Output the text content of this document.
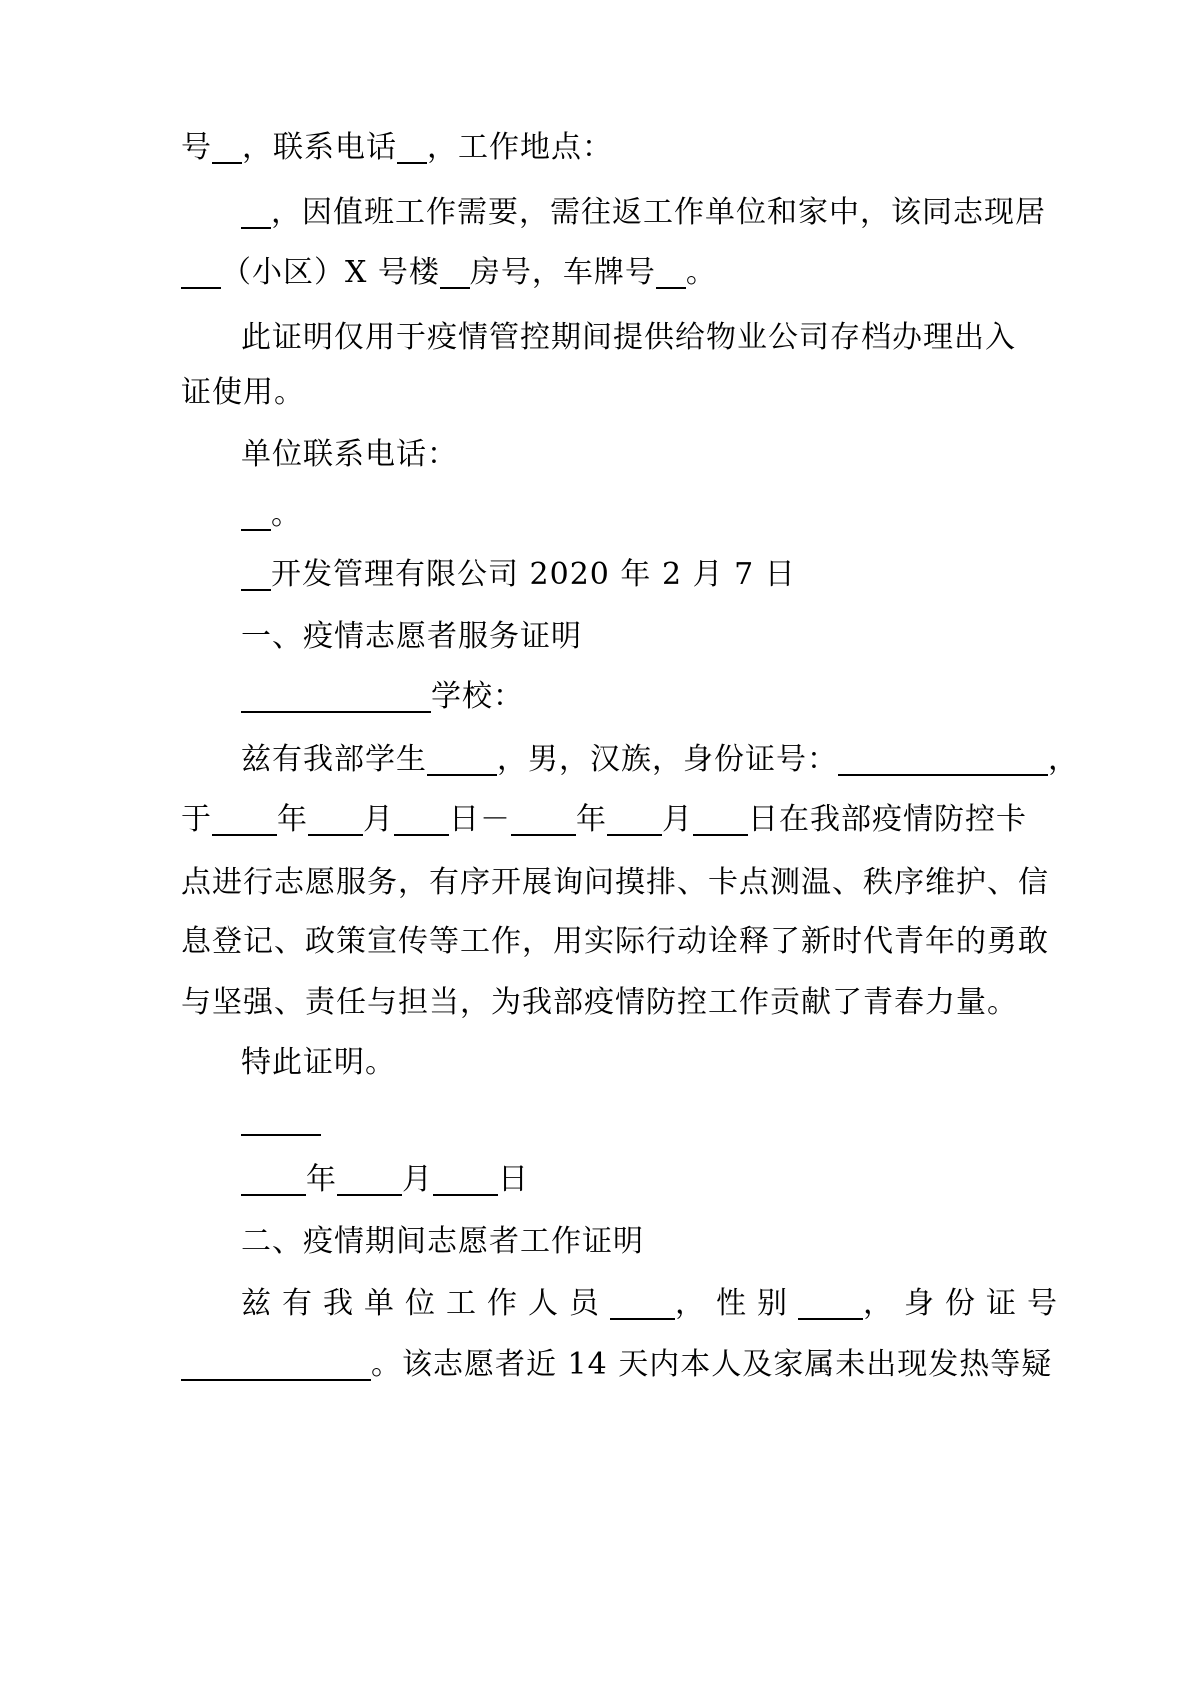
号 ，联系电话 ，工作地点：
，因值班工作需要，需往返工作单位和家中，该同志现居
（小区）X 号楼 房号，车牌号 。
此证明仅用于疫情管控期间提供给物业公司存档办理出入
证使用。
单位联系电话：
。
开发管理有限公司 2020 年 2 月 7 日
一、疫情志愿者服务证明
学校：
兹有我部学生 ，男，汉族，身份证号：	，
于 年 月 日－ 年 月 日在我部疫情防控卡
点进行志愿服务，有序开展询问摸排、卡点测温、秩序维护、信
息登记、政策宣传等工作，用实际行动诠释了新时代青年的勇敢
与坚强、责任与担当，为我部疫情防控工作贡献了青春力量。
特此证明。
年 月 日
二、疫情期间志愿者工作证明
兹有我单位工作人员 ，性别 ，身份证号
。该志愿者近 14 天内本人及家属未出现发热等疑
